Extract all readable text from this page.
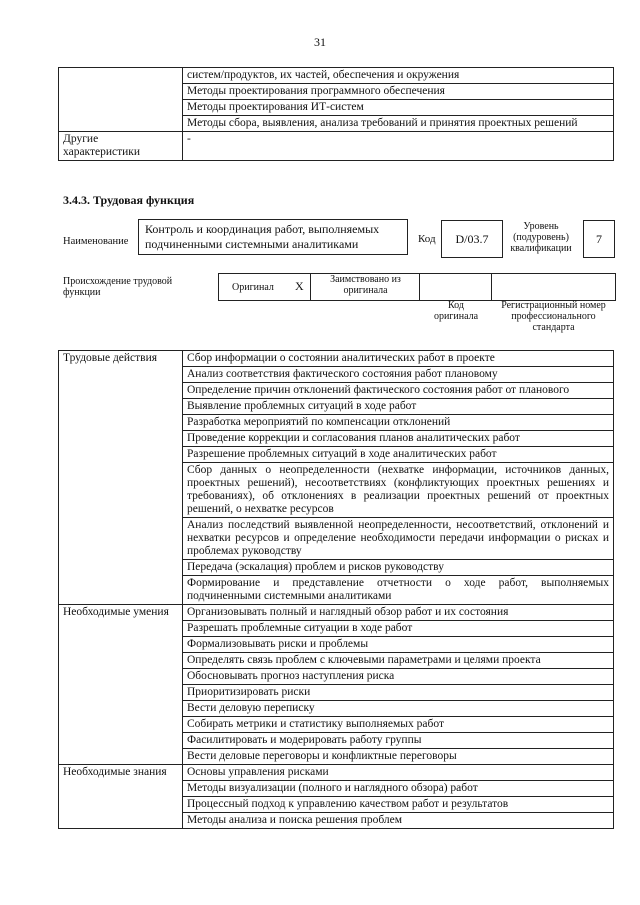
31
	систем/продуктов, их частей, обеспечения и окружения
	Методы проектирования программного обеспечения
	Методы проектирования ИТ-систем
	Методы сбора, выявления, анализа требований и принятия проектных решений
Другие характеристики	-
3.4.3. Трудовая функция
Наименование
Контроль и координация работ, выполняемых подчиненными системными аналитиками	Код	D/03.7
Уровень (подуровень) квалификации
7
Происхождение трудовой функции	Оригинал X	Заимствовано из оригинала
Код оригинала
Регистрационный номер профессионального стандарта
Трудовые действия	Сбор информации о состоянии аналитических работ в проекте
	Анализ соответствия фактического состояния работ плановому
	Определение причин отклонений фактического состояния работ от планового
	Выявление проблемных ситуаций в ходе работ
	Разработка мероприятий по компенсации отклонений
	Проведение коррекции и согласования планов аналитических работ
	Разрешение проблемных ситуаций в ходе аналитических работ
	Сбор данных о неопределенности (нехватке информации, источников данных, проектных решений), несоответствиях (конфликтующих проектных решениях и требованиях), об отклонениях в реализации проектных решений от проектных решений, о нехватке ресурсов
	Анализ последствий выявленной неопределенности, несоответствий, отклонений и нехватки ресурсов и определение необходимости передачи информации о рисках и проблемах руководству
	Передача (эскалация) проблем и рисков руководству
	Формирование и представление отчетности о ходе работ, выполняемых подчиненными системными аналитиками
Необходимые умения	Организовывать полный и наглядный обзор работ и их состояния
	Разрешать проблемные ситуации в ходе работ
	Формализовывать риски и проблемы
	Определять связь проблем с ключевыми параметрами и целями проекта
	Обосновывать прогноз наступления риска
	Приоритизировать риски
	Вести деловую переписку
	Собирать метрики и статистику выполняемых работ
	Фасилитировать и модерировать работу группы
	Вести деловые переговоры и конфликтные переговоры
Необходимые знания	Основы управления рисками
	Методы визуализации (полного и наглядного обзора) работ
	Процессный подход к управлению качеством работ и результатов
	Методы анализа и поиска решения проблем
